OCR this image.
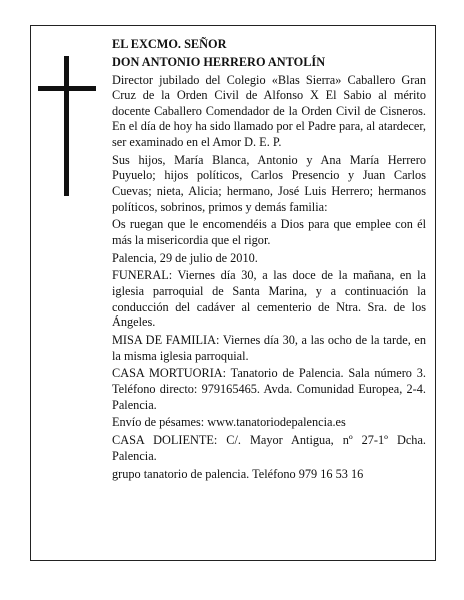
EL EXCMO. SEÑOR

DON ANTONIO HERRERO ANTOLÍN

Director jubilado del Colegio «Blas Sierra» Caballero Gran Cruz de la Orden Civil de Alfonso X El Sabio al mérito docente Caballero Comendador de la Orden Civil de Cisneros. En el día de hoy ha sido llamado por el Padre para, al atardecer, ser examinado en el Amor D. E. P.

Sus hijos, María Blanca, Antonio y Ana María Herrero Puyuelo; hijos políticos, Carlos Presencio y Juan Carlos Cuevas; nieta, Alicia; hermano, José Luis Herrero; hermanos políticos, sobrinos, primos y demás familia:

Os ruegan que le encomendéis a Dios para que emplee con él más la misericordia que el rigor.

Palencia, 29 de julio de 2010.

FUNERAL: Viernes día 30, a las doce de la mañana, en la iglesia parroquial de Santa Marina, y a continuación la conducción del cadáver al cementerio de Ntra. Sra. de los Ángeles.

MISA DE FAMILIA: Viernes día 30, a las ocho de la tarde, en la misma iglesia parroquial.

CASA MORTUORIA: Tanatorio de Palencia. Sala número 3. Teléfono directo: 979165465. Avda. Comunidad Europea, 2-4. Palencia.

Envío de pésames: www.tanatoriodepalencia.es

CASA DOLIENTE: C/. Mayor Antigua, nº 27-1º Dcha. Palencia.

grupo tanatorio de palencia. Teléfono 979 16 53 16
